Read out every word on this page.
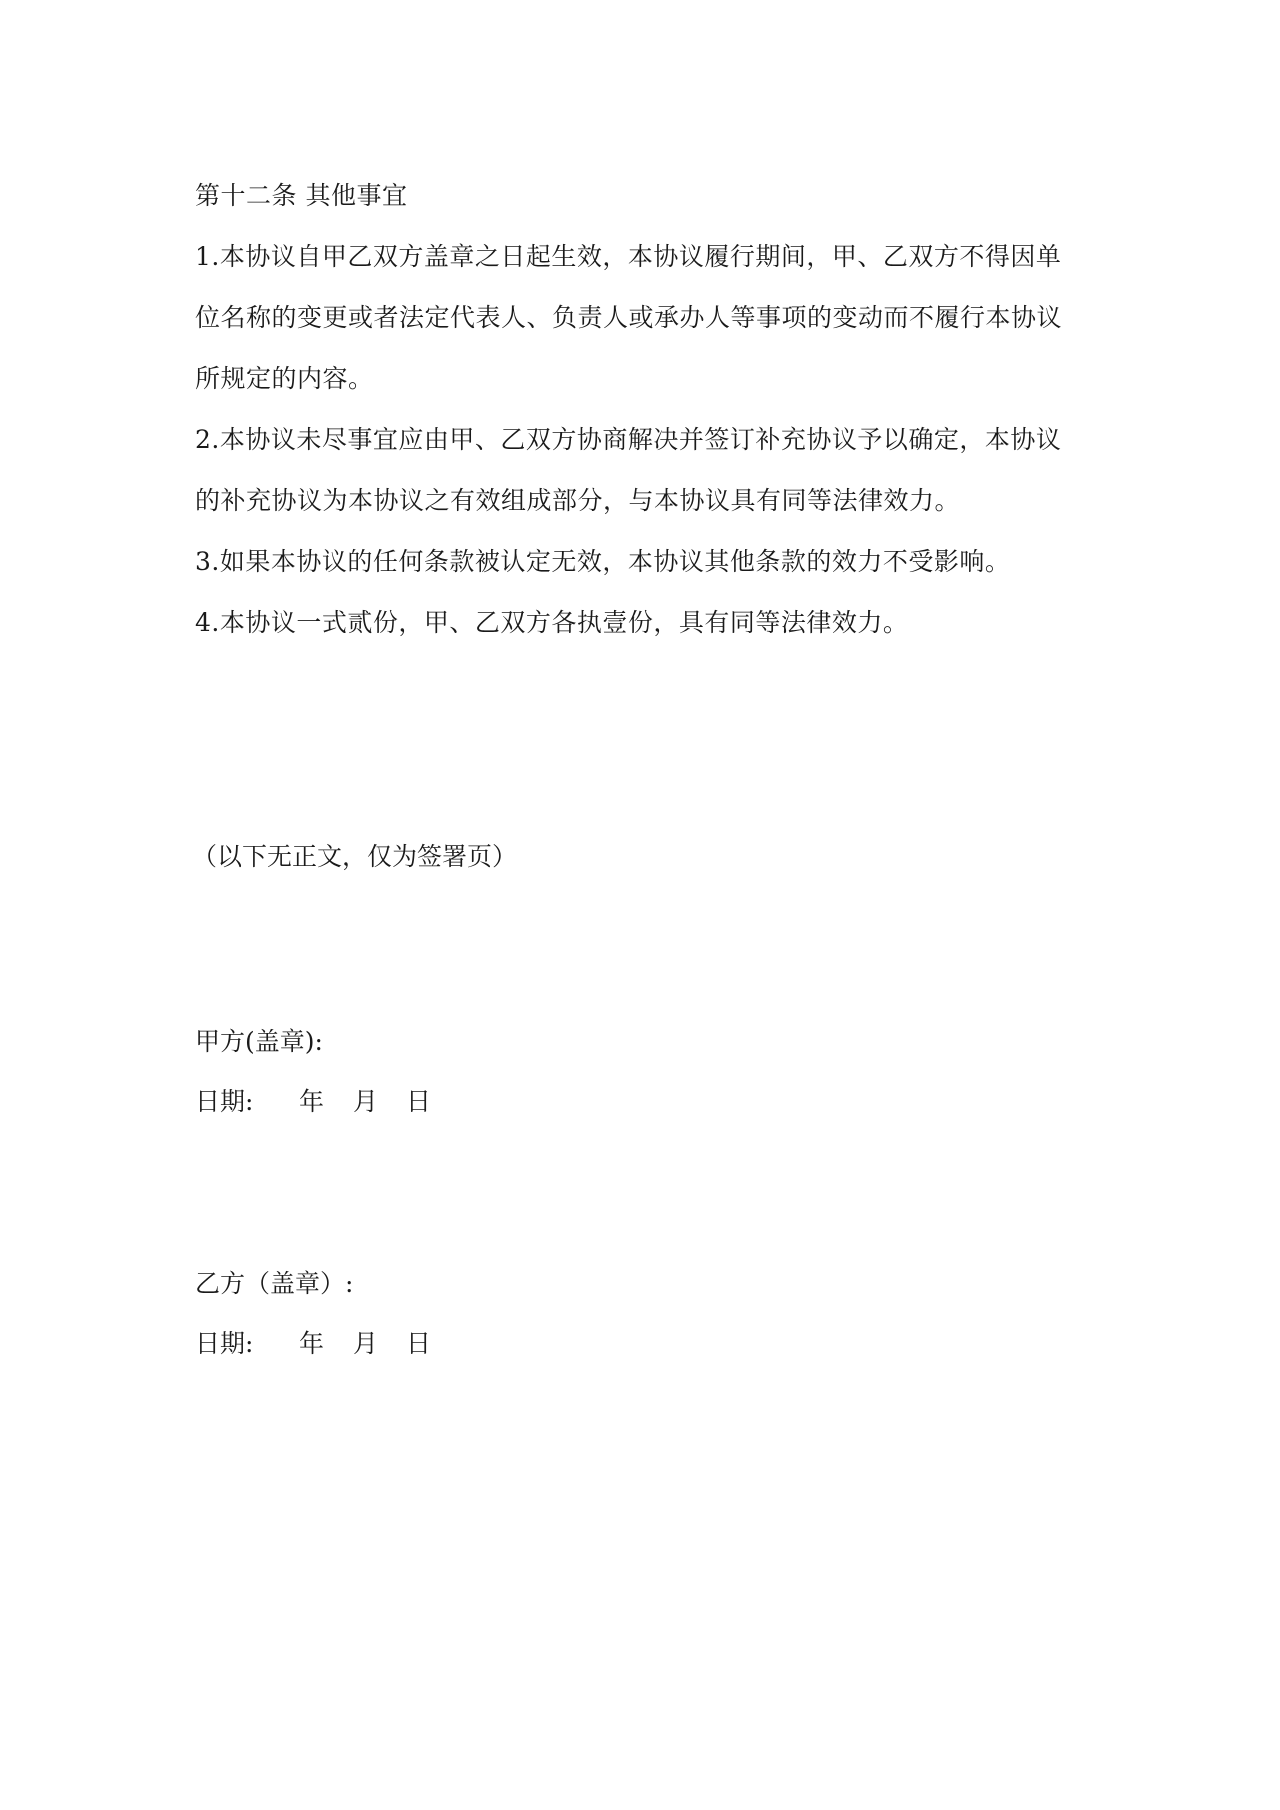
第十二条 其他事宜

1.本协议自甲乙双方盖章之日起生效，本协议履行期间，甲、乙双方不得因单位名称的变更或者法定代表人、负责人或承办人等事项的变动而不履行本协议所规定的内容。

2.本协议未尽事宜应由甲、乙双方协商解决并签订补充协议予以确定，本协议的补充协议为本协议之有效组成部分，与本协议具有同等法律效力。

3.如果本协议的任何条款被认定无效，本协议其他条款的效力不受影响。

4.本协议一式贰份，甲、乙双方各执壹份，具有同等法律效力。

（以下无正文，仅为签署页）
甲方(盖章):
日期: 年 月 日
乙方（盖章）:
日期: 年 月 日
